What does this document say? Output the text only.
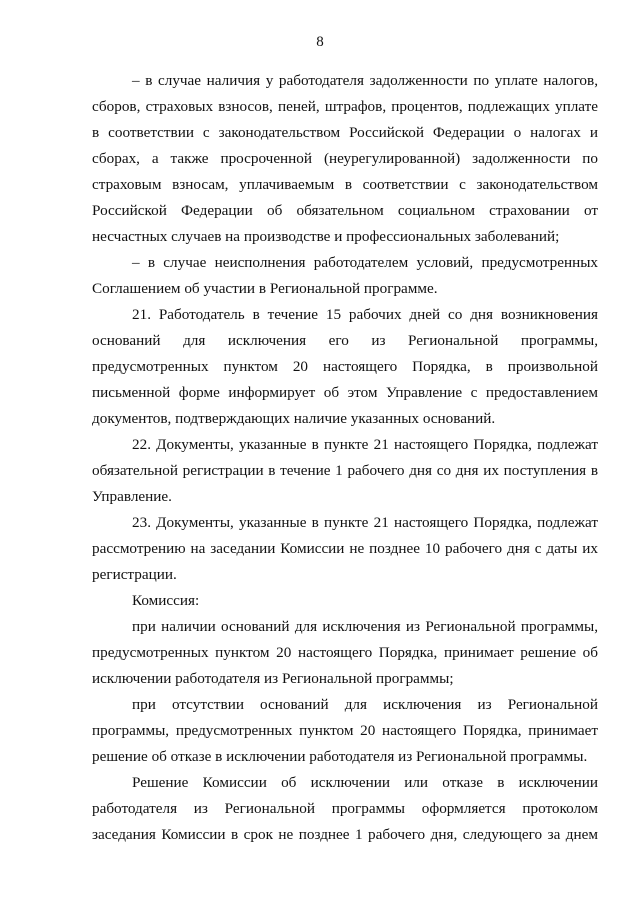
8
– в случае наличия у работодателя задолженности по уплате налогов,
сборов, страховых взносов, пеней, штрафов, процентов, подлежащих уплате
в соответствии с законодательством Российской Федерации о налогах и
сборах, а также просроченной (неурегулированной) задолженности по
страховым взносам, уплачиваемым в соответствии с законодательством
Российской Федерации об обязательном социальном страховании от
несчастных случаев на производстве и профессиональных заболеваний;
– в случае неисполнения работодателем условий, предусмотренных
Соглашением об участии в Региональной программе.
21. Работодатель в течение 15 рабочих дней со дня возникновения
оснований для исключения его из Региональной программы,
предусмотренных пунктом 20 настоящего Порядка, в произвольной
письменной форме информирует об этом Управление с предоставлением
документов, подтверждающих наличие указанных оснований.
22. Документы, указанные в пункте 21 настоящего Порядка, подлежат
обязательной регистрации в течение 1 рабочего дня со дня их поступления в
Управление.
23. Документы, указанные в пункте 21 настоящего Порядка, подлежат
рассмотрению на заседании Комиссии не позднее 10 рабочего дня с даты их
регистрации.
Комиссия:
при наличии оснований для исключения из Региональной программы,
предусмотренных пунктом 20 настоящего Порядка, принимает решение об
исключении работодателя из Региональной программы;
при отсутствии оснований для исключения из Региональной
программы, предусмотренных пунктом 20 настоящего Порядка, принимает
решение об отказе в исключении работодателя из Региональной программы.
Решение Комиссии об исключении или отказе в исключении
работодателя из Региональной программы оформляется протоколом
заседания Комиссии в срок не позднее 1 рабочего дня, следующего за днем
